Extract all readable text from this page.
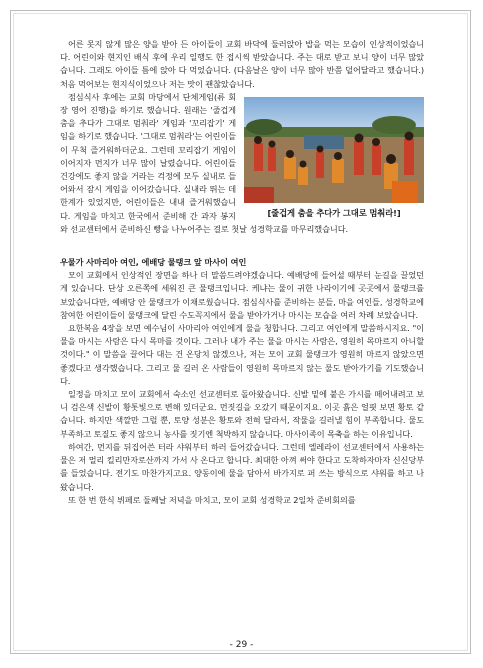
어른 못지 않게 많은 양을 받아 든 아이들이 교회 바닥에 둘러앉아 밥을 먹는 모습이 인상적이었습니다. 어린이와 현지인 배식 후에 우리 일행도 한 접시씩 받았습니다. 주는 대로 받고 보니 양이 너무 많았습니다. 그래도 아이들 틈에 앉아 다 먹었습니다. (다음날은 양이 너무 많아 반쯤 덜어달라고 했습니다.) 처음 먹어보는 현지식이었으나 저는 맛이 괜찮았습니다.

[줄겁게 춤을 추다가 그대로 멈춰라!]

점심식사 후에는 교회 마당에서 단체게임(류 회장 영어 진행)을 하기로 했습니다. 원래는 '줄겁게 춤을 추다가 그대로 멈춰라' 게임과 '꼬리잡기' 게임을 하기로 했습니다. '그대로 멈춰라'는 어린이들이 무척 즐거워하더군요. 그런데 꼬리잡기 게임이 이어지자 먼지가 너무 많이 날렸습니다. 어린이들 건강에도 좋지 않을 거라는 걱정에 모두 실내로 들어와서 잠시 게임을 이어갔습니다. 실내라 뛰는 데 한계가 있었지만, 어린이들은 내내 즐거워했습니다. 게임을 마치고 한국에서 준비해 간 과자 봉지와 선교센터에서 준비하신 빵을 나누어주는 걸로 첫날 성경학교를 마무리했습니다.

우물가 사마리아 여인, 에배당 물탱크 앞 마사이 여인

모이 교회에서 인상적인 장면을 하나 더 말씀드려야겠습니다. 예배당에 들어설 때부터 눈길을 끌었던 게 있습니다. 단상 오른쪽에 세워진 큰 물탱크입니다. 케냐는 물이 귀한 나라이기에 곳곳에서 물탱크를 보았습니다만, 예배당 안 물탱크가 이채로웠습니다. 점심식사를 준비하는 분들, 마을 여인들, 성경학교에 참여한 어린이들이 물탱크에 달린 수도꼭지에서 물을 받아가거나 마시는 모습을 여러 차례 보았습니다.

요한복음 4장을 보면 예수님이 사마리아 여인에게 물을 청합니다. 그리고 여인에게 말씀하시지요. "이 물을 마시는 사람은 다시 목마를 것이다. 그러나 내가 주는 물을 마시는 사람은, 영원히 목마르지 아니할 것이다." 이 말씀을 끌어다 대는 건 온당치 않겠으나, 저는 모이 교회 물탱크가 영원히 마르지 않았으면 좋겠다고 생각했습니다. 그리고 물 길러 온 사람들이 영원히 목마르지 않는 물도 받아가기를 기도했습니다.

일정을 마치고 모이 교회에서 숙소인 선교센터로 돌아왔습니다. 신발 밑에 붙은 가시를 떼어내려고 보니 검은색 신발이 황톳빛으로 변해 있더군요. 먼짓길을 오갔기 때문이지요. 이곳 흙은 얼핏 보면 황토 같습니다. 하지만 색깔만 그럴 뿐, 토양 성분은 황토와 전혀 달라서, 작물을 길러낼 힘이 부족합니다. 물도 부족하고 토질도 좋지 않으니 농사를 짓기엔 척박하지 않습니다. 마사이족이 목축을 하는 이유입니다.

하여간, 먼지를 뒤집어쓴 터라 샤워부터 하러 들어갔습니다. 그런데 엘레라이 선교센터에서 사용하는 물은 저 멀리 킬리만자로산까지 가서 사 온다고 합니다. 최대한 아껴 써야 한다고 도착하자마자 신신당부를 들었습니다. 전기도 마찬가지고요. 양동이에 물을 담아서 바가지로 퍼 쓰는 방식으로 샤워를 하고 나왔습니다.

또 한 번 한식 뷔페로 둘째날 저녁을 마치고, 모이 교회 성경학교 2일차 준비회의를

- 29 -
